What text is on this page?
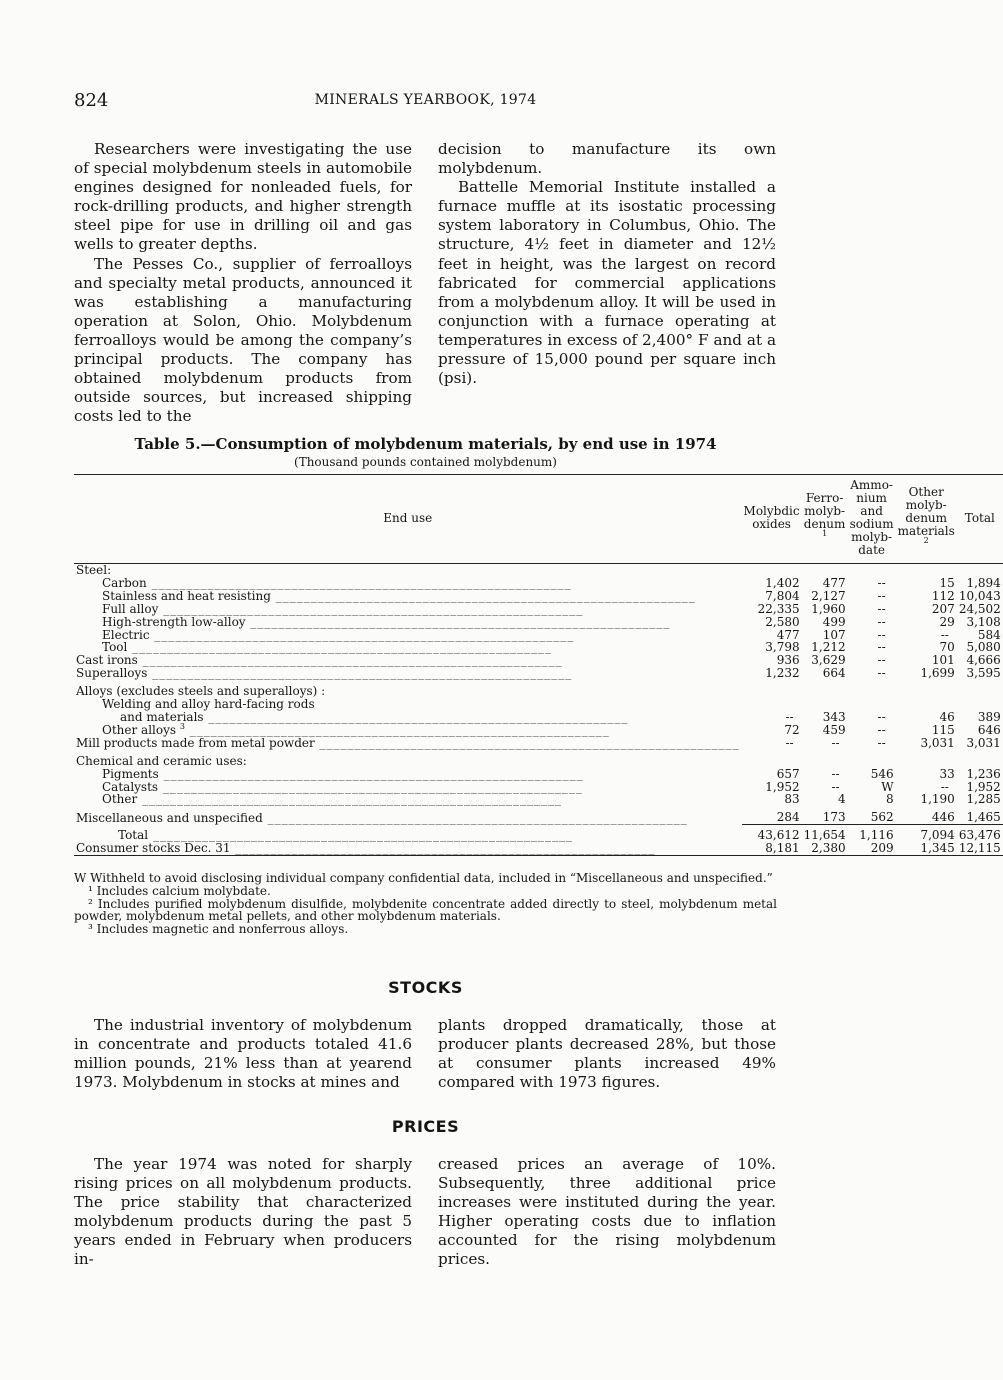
824	MINERALS YEARBOOK, 1974

Researchers were investigating the use of special molybdenum steels in automobile engines designed for nonleaded fuels, for rock-drilling products, and higher strength steel pipe for use in drilling oil and gas wells to greater depths.

The Pesses Co., supplier of ferroalloys and specialty metal products, announced it was establishing a manufacturing operation at Solon, Ohio. Molybdenum ferroalloys would be among the company’s principal products. The company has obtained molybdenum products from outside sources, but increased shipping costs led to the

decision to manufacture its own molybdenum.

Battelle Memorial Institute installed a furnace muffle at its isostatic processing system laboratory in Columbus, Ohio. The structure, 4½ feet in diameter and 12½ feet in height, was the largest on record fabricated for commercial applications from a molybdenum alloy. It will be used in conjunction with a furnace operating at temperatures in excess of 2,400° F and at a pressure of 15,000 pound per square inch (psi).

Table 5.—Consumption of molybdenum materials, by end use in 1974
(Thousand pounds contained molybdenum)
End use	Molybdic oxides	Ferro-molyb-denum $^1$	Ammo-nium and sodium molyb-date	Other molyb-denum materials $^2$	Total
Steel:					
Carbon ____________________________________________________________	1,402	477	--	15	1,894
Stainless and heat resisting ____________________________________________________________	7,804	2,127	--	112	10,043
Full alloy ____________________________________________________________	22,335	1,960	--	207	24,502
High-strength low-alloy ____________________________________________________________	2,580	499	--	29	3,108
Electric ____________________________________________________________	477	107	--	--	584
Tool ____________________________________________________________	3,798	1,212	--	70	5,080
Cast irons ____________________________________________________________	936	3,629	--	101	4,666
Superalloys ____________________________________________________________	1,232	664	--	1,699	3,595
Alloys (excludes steels and superalloys) :					
Welding and alloy hard-facing rods					
and materials ____________________________________________________________	--	343	--	46	389
Other alloys $^3$ ____________________________________________________________	72	459	--	115	646
Mill products made from metal powder ____________________________________________________________	--	--	--	3,031	3,031
Chemical and ceramic uses:					
Pigments ____________________________________________________________	657	--	546	33	1,236
Catalysts ____________________________________________________________	1,952	--	W	--	1,952
Other ____________________________________________________________	83	4	8	1,190	1,285
Miscellaneous and unspecified ____________________________________________________________	284	173	562	446	1,465
Total ____________________________________________________________	43,612	11,654	1,116	7,094	63,476
Consumer stocks Dec. 31 ____________________________________________________________	8,181	2,380	209	1,345	12,115

W Withheld to avoid disclosing individual company confidential data, included in “Miscellaneous and unspecified.”

¹ Includes calcium molybdate.

² Includes purified molybdenum disulfide, molybdenite concentrate added directly to steel, molybdenum metal powder, molybdenum metal pellets, and other molybdenum materials.

³ Includes magnetic and nonferrous alloys.

STOCKS

The industrial inventory of molybdenum in concentrate and products totaled 41.6 million pounds, 21% less than at yearend 1973. Molybdenum in stocks at mines and

plants dropped dramatically, those at producer plants decreased 28%, but those at consumer plants increased 49% compared with 1973 figures.

PRICES

The year 1974 was noted for sharply rising prices on all molybdenum products. The price stability that characterized molybdenum products during the past 5 years ended in February when producers in-

creased prices an average of 10%. Subsequently, three additional price increases were instituted during the year. Higher operating costs due to inflation accounted for the rising molybdenum prices.
